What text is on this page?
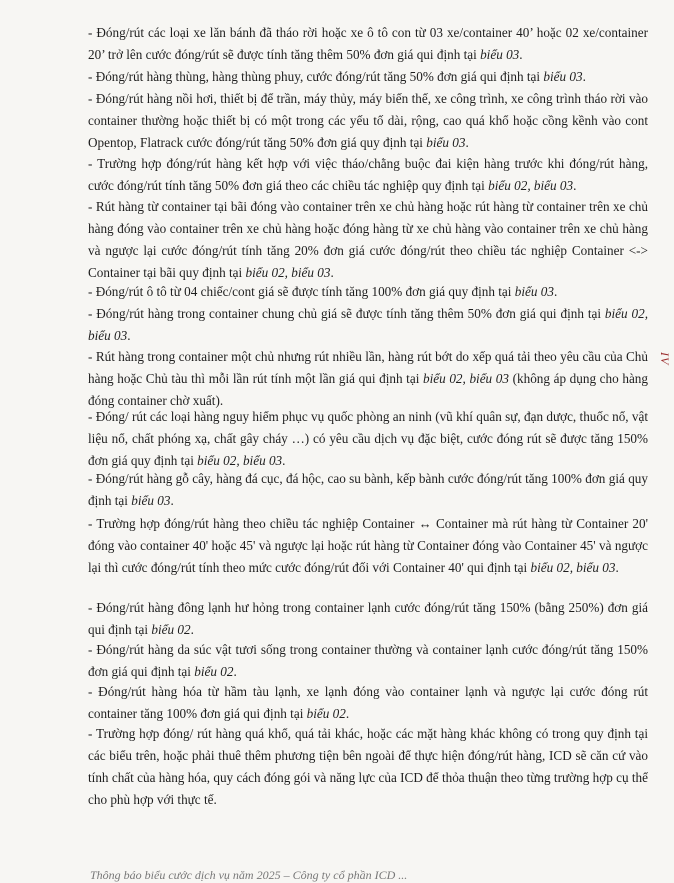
- Đóng/rút các loại xe lăn bánh đã tháo rời hoặc xe ô tô con từ 03 xe/container 40’ hoặc 02 xe/container 20’ trở lên cước đóng/rút sẽ được tính tăng thêm 50% đơn giá qui định tại biểu 03.

- Đóng/rút hàng thùng, hàng thùng phuy, cước đóng/rút tăng 50% đơn giá qui định tại biểu 03.

- Đóng/rút hàng nồi hơi, thiết bị để trần, máy thủy, máy biến thế, xe công trình, xe công trình tháo rời vào container thường hoặc thiết bị có một trong các yếu tố dài, rộng, cao quá khổ hoặc cồng kềnh vào cont Opentop, Flatrack cước đóng/rút tăng 50% đơn giá quy định tại biểu 03.

- Trường hợp đóng/rút hàng kết hợp với việc tháo/chằng buộc đai kiện hàng trước khi đóng/rút hàng, cước đóng/rút tính tăng 50% đơn giá theo các chiều tác nghiệp quy định tại biểu 02, biểu 03.

- Rút hàng từ container tại bãi đóng vào container trên xe chủ hàng hoặc rút hàng từ container trên xe chủ hàng đóng vào container trên xe chủ hàng hoặc đóng hàng từ xe chủ hàng vào container trên xe chủ hàng và ngược lại cước đóng/rút tính tăng 20% đơn giá cước đóng/rút theo chiều tác nghiệp Container <-> Container tại bãi quy định tại biểu 02, biểu 03.

- Đóng/rút ô tô từ 04 chiếc/cont giá sẽ được tính tăng 100% đơn giá quy định tại biểu 03.

- Đóng/rút hàng trong container chung chủ giá sẽ được tính tăng thêm 50% đơn giá qui định tại biểu 02, biểu 03.

- Rút hàng trong container một chủ nhưng rút nhiều lần, hàng rút bớt do xếp quá tải theo yêu cầu của Chủ hàng hoặc Chủ tàu thì mỗi lần rút tính một lần giá qui định tại biểu 02, biểu 03 (không áp dụng cho hàng đóng container chờ xuất).

- Đóng/ rút các loại hàng nguy hiểm phục vụ quốc phòng an ninh (vũ khí quân sự, đạn dược, thuốc nổ, vật liệu nổ, chất phóng xạ, chất gây cháy …) có yêu cầu dịch vụ đặc biệt, cước đóng rút sẽ được tăng 150% đơn giá quy định tại biểu 02, biểu 03.

- Đóng/rút hàng gỗ cây, hàng đá cục, đá hộc, cao su bành, kếp bành cước đóng/rút tăng 100% đơn giá quy định tại biểu 03.

- Trường hợp đóng/rút hàng theo chiều tác nghiệp Container ↔ Container mà rút hàng từ Container 20' đóng vào container 40' hoặc 45' và ngược lại hoặc rút hàng từ Container đóng vào Container 45' và ngược lại thì cước đóng/rút tính theo mức cước đóng/rút đối với Container 40' qui định tại biểu 02, biểu 03.

- Đóng/rút hàng đông lạnh hư hỏng trong container lạnh cước đóng/rút tăng 150% (bằng 250%) đơn giá qui định tại biểu 02.

- Đóng/rút hàng da súc vật tươi sống trong container thường và container lạnh cước đóng/rút tăng 150% đơn giá qui định tại biểu 02.

- Đóng/rút hàng hóa từ hầm tàu lạnh, xe lạnh đóng vào container lạnh và ngược lại cước đóng rút container tăng 100% đơn giá qui định tại biểu 02.

- Trường hợp đóng/ rút hàng quá khổ, quá tải khác, hoặc các mặt hàng khác không có trong quy định tại các biểu trên, hoặc phải thuê thêm phương tiện bên ngoài để thực hiện đóng/rút hàng, ICD sẽ căn cứ vào tính chất của hàng hóa, quy cách đóng gói và năng lực của ICD để thỏa thuận theo từng trường hợp cụ thể cho phù hợp với thực tế.

IV
Thông báo biểu cước dịch vụ năm 2025 – Công ty cổ phần ICD ...
